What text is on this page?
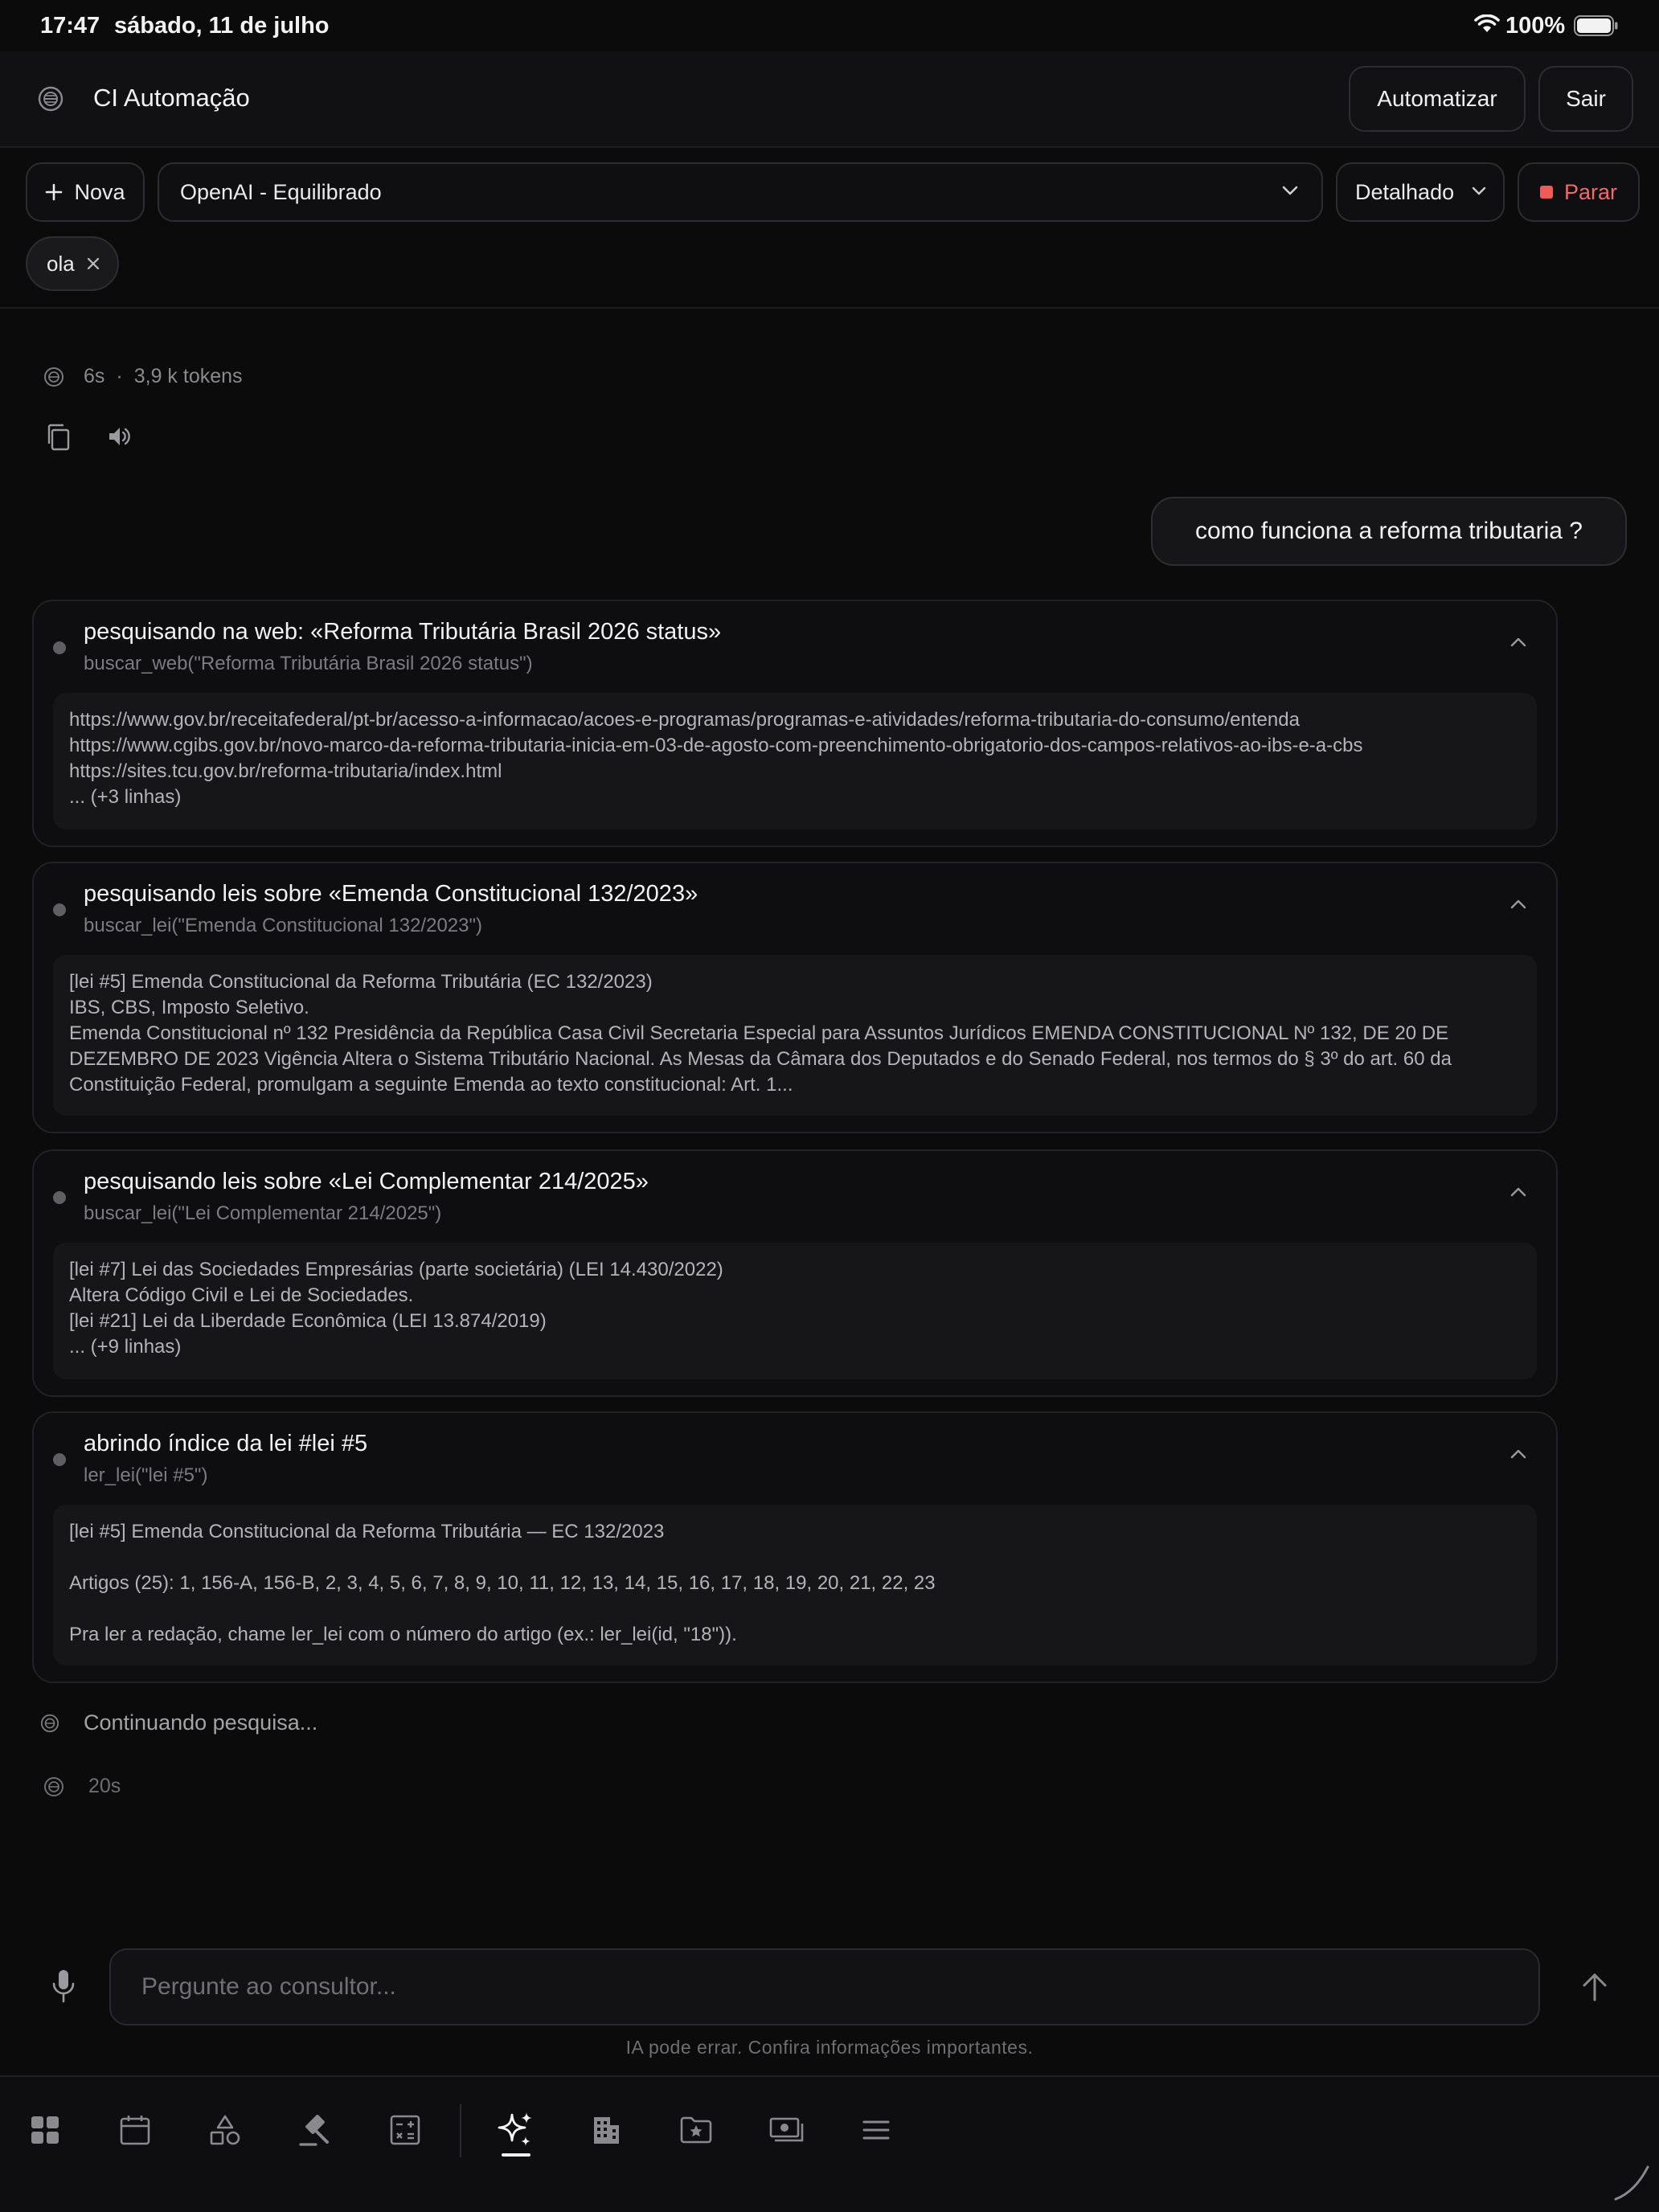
17:47 sábado, 11 de julho	100%
CI Automação	Automatizar	Sair
Nova	OpenAI - Equilibrado	Detalhado	Parar
ola
6s · 3,9 k tokens
como funciona a reforma tributaria ?
pesquisando na web: «Reforma Tributária Brasil 2026 status»
buscar_web("Reforma Tributária Brasil 2026 status")
https://www.gov.br/receitafederal/pt-br/acesso-a-informacao/acoes-e-programas/programas-e-atividades/reforma-tributaria-do-consumo/entenda
https://www.cgibs.gov.br/novo-marco-da-reforma-tributaria-inicia-em-03-de-agosto-com-preenchimento-obrigatorio-dos-campos-relativos-ao-ibs-e-a-cbs
https://sites.tcu.gov.br/reforma-tributaria/index.html
... (+3 linhas)
pesquisando leis sobre «Emenda Constitucional 132/2023»
buscar_lei("Emenda Constitucional 132/2023")
[lei #5] Emenda Constitucional da Reforma Tributária (EC 132/2023)
IBS, CBS, Imposto Seletivo.
Emenda Constitucional nº 132 Presidência da República Casa Civil Secretaria Especial para Assuntos Jurídicos EMENDA CONSTITUCIONAL Nº 132, DE 20 DE DEZEMBRO DE 2023 Vigência Altera o Sistema Tributário Nacional. As Mesas da Câmara dos Deputados e do Senado Federal, nos termos do § 3º do art. 60 da Constituição Federal, promulgam a seguinte Emenda ao texto constitucional: Art. 1...
pesquisando leis sobre «Lei Complementar 214/2025»
buscar_lei("Lei Complementar 214/2025")
[lei #7] Lei das Sociedades Empresárias (parte societária) (LEI 14.430/2022)
Altera Código Civil e Lei de Sociedades.
[lei #21] Lei da Liberdade Econômica (LEI 13.874/2019)
... (+9 linhas)
abrindo índice da lei #lei #5
ler_lei("lei #5")
[lei #5] Emenda Constitucional da Reforma Tributária — EC 132/2023

Artigos (25): 1, 156-A, 156-B, 2, 3, 4, 5, 6, 7, 8, 9, 10, 11, 12, 13, 14, 15, 16, 17, 18, 19, 20, 21, 22, 23

Pra ler a redação, chame ler_lei com o número do artigo (ex.: ler_lei(id, "18")).
Continuando pesquisa...
20s
Pergunte ao consultor...
IA pode errar. Confira informações importantes.
